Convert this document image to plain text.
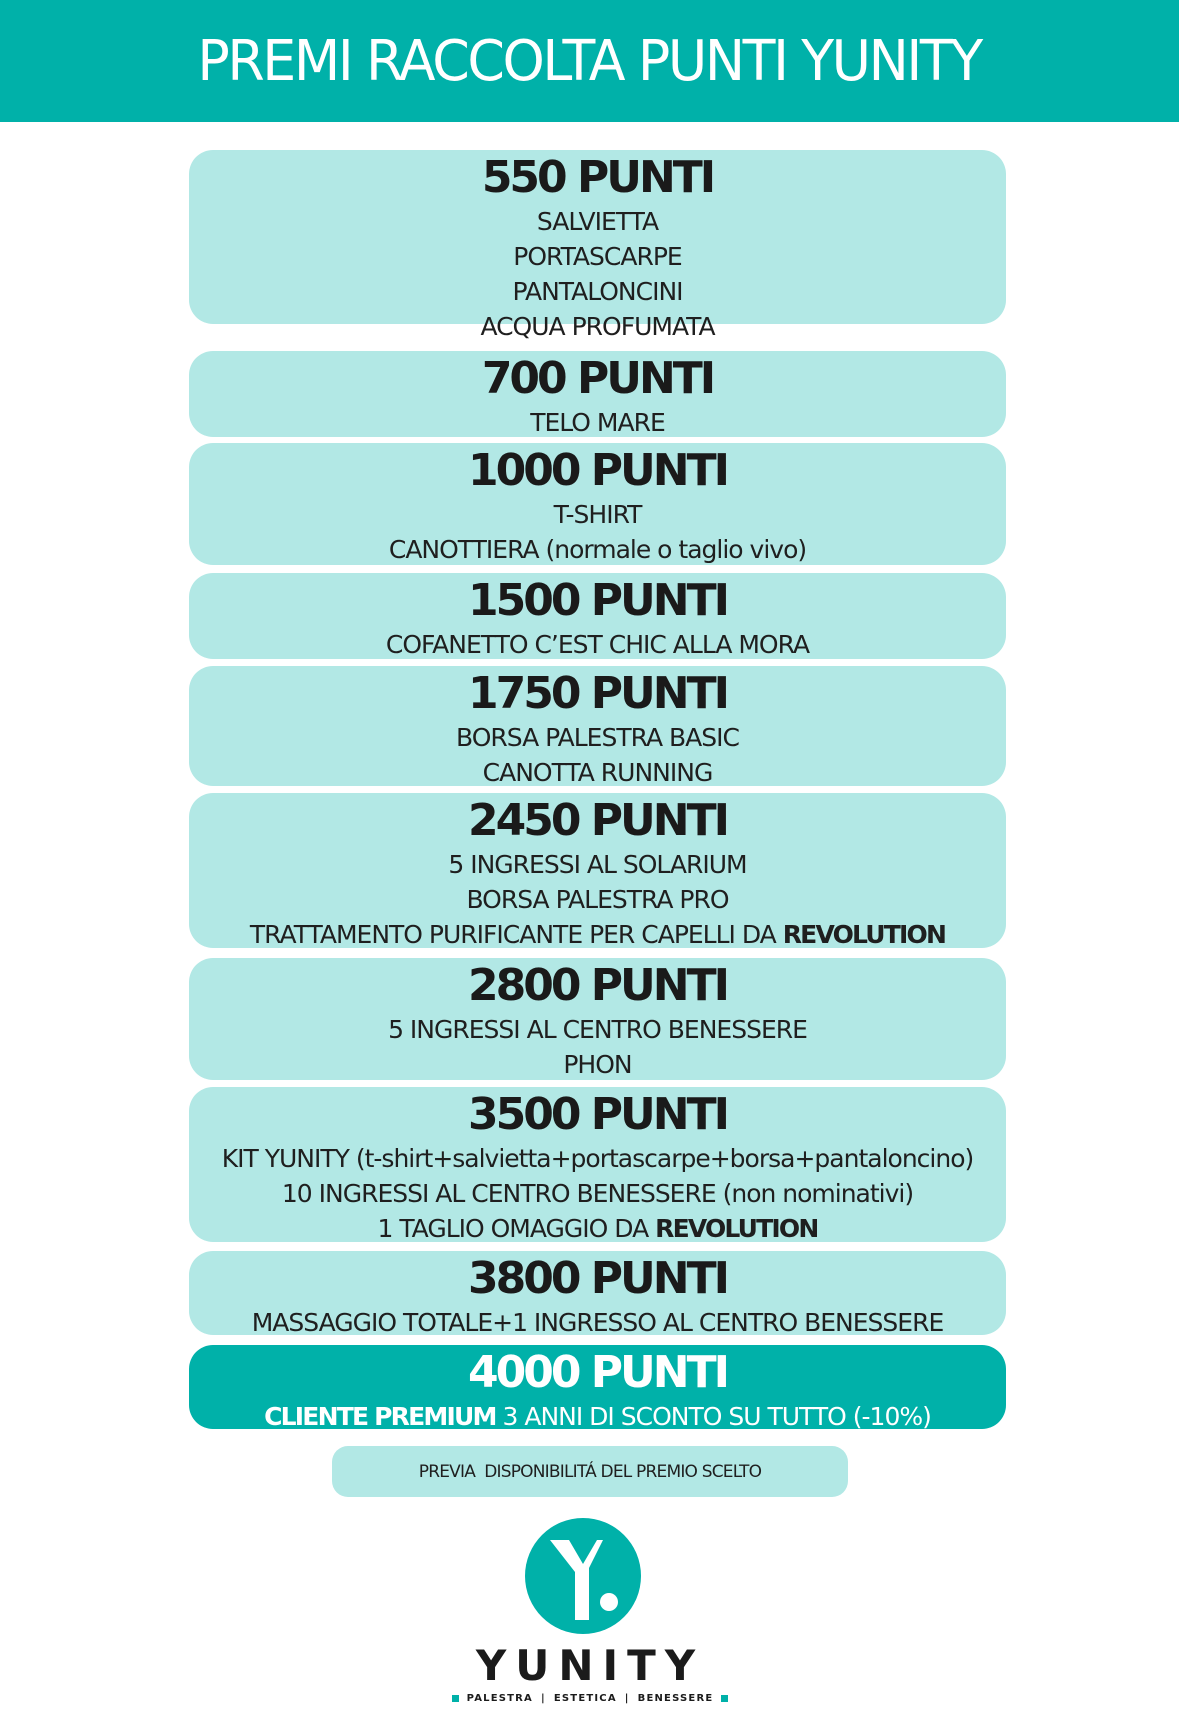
PREMI RACCOLTA PUNTI YUNITY
550 PUNTI
SALVIETTA
PORTASCARPE
PANTALONCINI
ACQUA PROFUMATA
700 PUNTI
TELO MARE
1000 PUNTI
T-SHIRT
CANOTTIERA (normale o taglio vivo)
1500 PUNTI
COFANETTO C’EST CHIC ALLA MORA
1750 PUNTI
BORSA PALESTRA BASIC
CANOTTA RUNNING
2450 PUNTI
5 INGRESSI AL SOLARIUM
BORSA PALESTRA PRO
TRATTAMENTO PURIFICANTE PER CAPELLI DA REVOLUTION
2800 PUNTI
5 INGRESSI AL CENTRO BENESSERE
PHON
3500 PUNTI
KIT YUNITY (t-shirt+salvietta+portascarpe+borsa+pantaloncino)
10 INGRESSI AL CENTRO BENESSERE (non nominativi)
1 TAGLIO OMAGGIO DA REVOLUTION
3800 PUNTI
MASSAGGIO TOTALE+1 INGRESSO AL CENTRO BENESSERE
4000 PUNTI
CLIENTE PREMIUM 3 ANNI DI SCONTO SU TUTTO (-10%)
PREVIA  DISPONIBILITÁ DEL PREMIO SCELTO
YUNITY
PALESTRA | ESTETICA | BENESSERE
